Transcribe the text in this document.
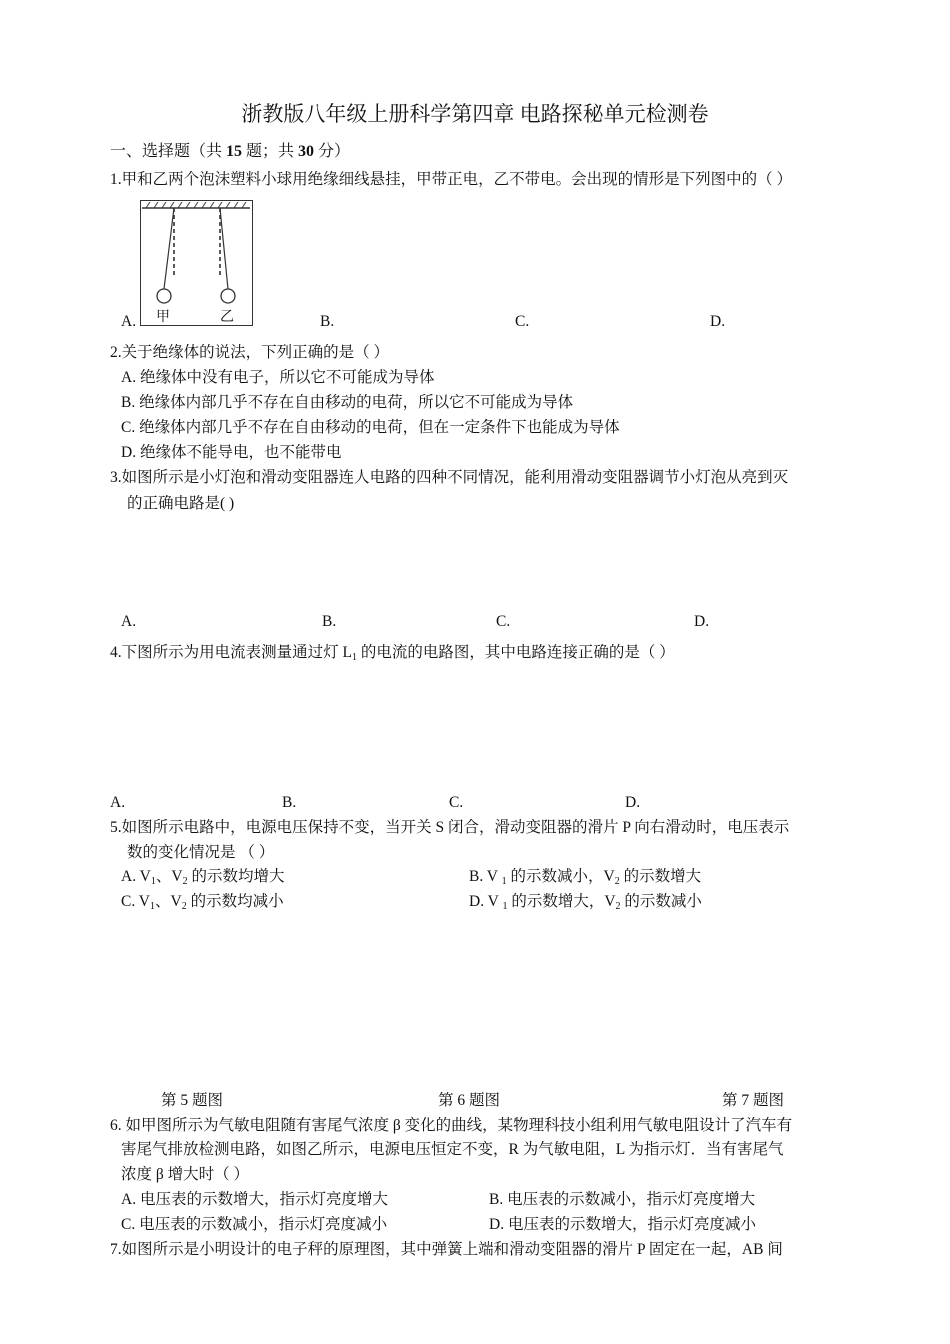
浙教版八年级上册科学第四章 电路探秘单元检测卷
一、选择题（共 15 题；共 30 分）
1.甲和乙两个泡沫塑料小球用绝缘细线悬挂，甲带正电，乙不带电。会出现的情形是下列图中的（ ）
甲	乙
A.	B.	C.	D.
2.关于绝缘体的说法，下列正确的是（ ）
A. 绝缘体中没有电子，所以它不可能成为导体
B. 绝缘体内部几乎不存在自由移动的电荷，所以它不可能成为导体
C. 绝缘体内部几乎不存在自由移动的电荷，但在一定条件下也能成为导体
D. 绝缘体不能导电，也不能带电
3.如图所示是小灯泡和滑动变阻器连人电路的四种不同情况，能利用滑动变阻器调节小灯泡从亮到灭
的正确电路是( )
A.	B.	C.	D.
4.下图所示为用电流表测量通过灯 $L_1$ 的电流的电路图，其中电路连接正确的是（ ）
A.	B.	C.	D.
5.如图所示电路中，电源电压保持不变，当开关 S 闭合，滑动变阻器的滑片 P 向右滑动时，电压表示
数的变化情况是 （ ）
A. $V_1$、$V_2$ 的示数均增大	B. V $_1$ 的示数减小，$V_2$ 的示数增大
C. $V_1$、$V_2$ 的示数均减小	D. V $_1$ 的示数增大，$V_2$ 的示数减小
第 5 题图	第 6 题图	第 7 题图
6. 如甲图所示为气敏电阻随有害尾气浓度 β 变化的曲线，某物理科技小组利用气敏电阻设计了汽车有
害尾气排放检测电路，如图乙所示，电源电压恒定不变，R 为气敏电阻，L 为指示灯．当有害尾气
浓度 β 增大时（ ）
A. 电压表的示数增大，指示灯亮度增大	B. 电压表的示数减小，指示灯亮度增大
C. 电压表的示数减小，指示灯亮度减小	D. 电压表的示数增大，指示灯亮度减小
7.如图所示是小明设计的电子秤的原理图，其中弹簧上端和滑动变阻器的滑片 P 固定在一起，AB 间
